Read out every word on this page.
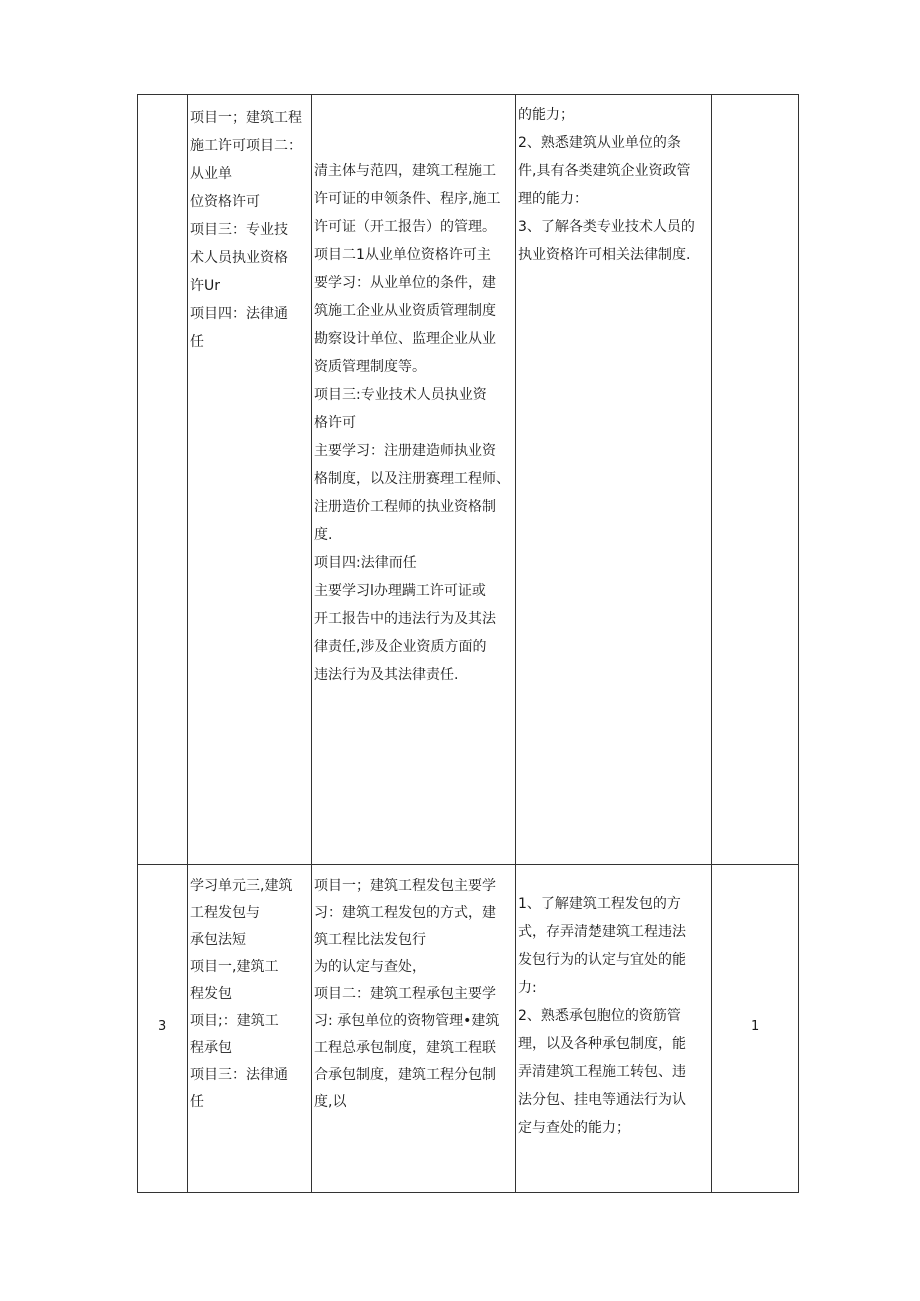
项目一；建筑工程
施工许可项目二：
从业单
位资格许可
项目三：专业技
术人员执业资格
许Ur
项目四：法律通
任
清主体与范四，建筑工程施工
许可证的申领条件、程序,施工
许可证（开工报告）的管理。
项目二1从业单位资格许可主
要学习：从业单位的条件，建
筑施工企业从业资质管理制度
勘察设计单位、监理企业从业
资质管理制度等。
项目三:专业技术人员执业资
格许可
主要学习：注册建造师执业资
格制度，以及注册赛理工程师、
注册造价工程师的执业资格制
度.
项目四:法律而任
主要学习l办理蹒工许可证或
开工报告中的违法行为及其法
律责任,涉及企业资质方面的
违法行为及其法律责任.
的能力；
2、熟悉建筑从业单位的条
件,具有各类建筑企业资政管
理的能力：
3、了解各类专业技术人员的
执业资格许可相关法律制度.
3
学习单元三,建筑
工程发包与
承包法短
项目一,建筑工
程发包
项目;：建筑工
程承包
项目三：法律通
任
项目一；建筑工程发包主要学
习：建筑工程发包的方式，建
筑工程比法发包行
为的认定与查处，
项目二：建筑工程承包主要学
习: 承包单位的资物管理•建筑
工程总承包制度，建筑工程联
合承包制度，建筑工程分包制
度,以
1、了解建筑工程发包的方
式，存弄清楚建筑工程违法
发包行为的认定与宜处的能
力:
2、熟悉承包胞位的资筋管
理，以及各种承包制度，能
弄清建筑工程施工转包、违
法分包、挂电等通法行为认
定与查处的能力；
1
